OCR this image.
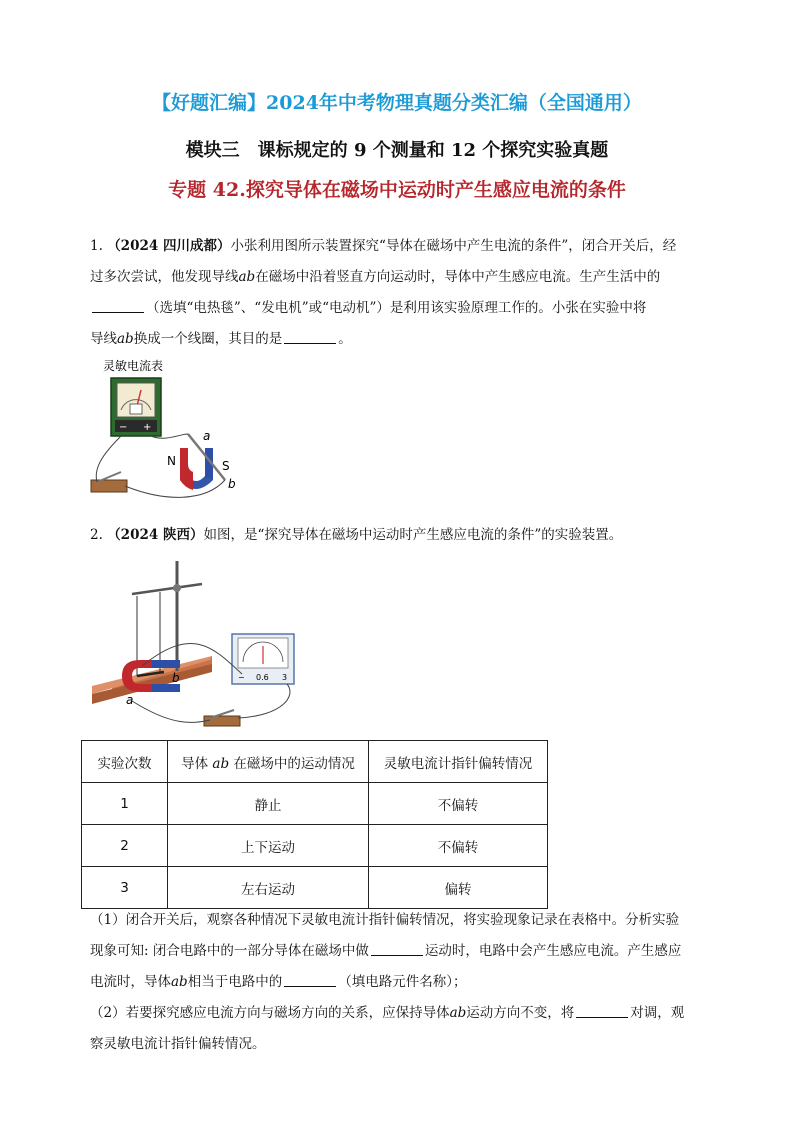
【好题汇编】2024年中考物理真题分类汇编（全国通用）
模块三　课标规定的 9 个测量和 12 个探究实验真题
专题 42.探究导体在磁场中运动时产生感应电流的条件
1. （2024 四川成都）小张利用图所示装置探究“导体在磁场中产生电流的条件”，闭合开关后，经
过多次尝试，他发现导线ab在磁场中沿着竖直方向运动时，导体中产生感应电流。生产生活中的
（选填“电热毯”、“发电机”或“电动机”）是利用该实验原理工作的。小张在实验中将
导线ab换成一个线圈，其目的是	。
灵敏电流表
− +
N	S
a
b
2. （2024 陕西）如图，是“探究导体在磁场中运动时产生感应电流的条件”的实验装置。
a
b	− 0.6 3
实验次数	导体 ab 在磁场中的运动情况	灵敏电流计指针偏转情况
1	静止	不偏转
2	上下运动	不偏转
3	左右运动	偏转
（1）闭合开关后，观察各种情况下灵敏电流计指针偏转情况，将实验现象记录在表格中。分析实验
现象可知: 闭合电路中的一部分导体在磁场中做	运动时，电路中会产生感应电流。产生感应
电流时，导体ab相当于电路中的	（填电路元件名称）；
（2）若要探究感应电流方向与磁场方向的关系，应保持导体ab运动方向不变，将	对调，观
察灵敏电流计指针偏转情况。
